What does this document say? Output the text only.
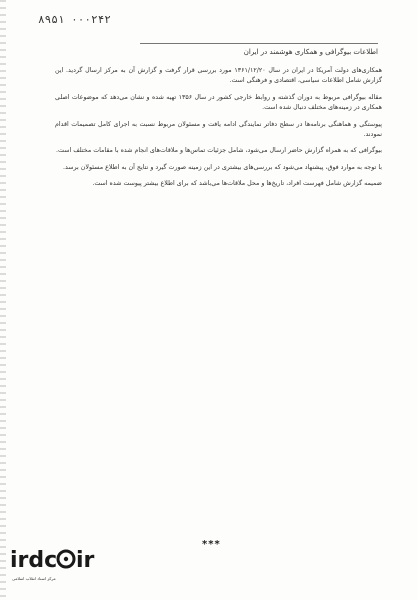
۸۹۵۱ ۰۰۰۲۴۲
اطلاعات بیوگرافی و همکاری هوشمند در ایران

همکاری‌های دولت آمریکا در ایران در سال ۱۳۶۱/۱۲/۲۰ مورد بررسی قرار گرفت و گزارش آن به مرکز ارسال گردید. این گزارش شامل اطلاعات سیاسی، اقتصادی و فرهنگی است.

مقاله بیوگرافی مربوط به دوران گذشته و روابط خارجی کشور در سال ۱۳۵۶ تهیه شده و نشان می‌دهد که موضوعات اصلی همکاری در زمینه‌های مختلف دنبال شده است.

پیوستگی و هماهنگی برنامه‌ها در سطح دفاتر نمایندگی ادامه یافت و مسئولان مربوط نسبت به اجرای کامل تصمیمات اقدام نمودند.

بیوگرافی که به همراه گزارش حاضر ارسال می‌شود، شامل جزئیات تماس‌ها و ملاقات‌های انجام شده با مقامات مختلف است.

با توجه به موارد فوق، پیشنهاد می‌شود که بررسی‌های بیشتری در این زمینه صورت گیرد و نتایج آن به اطلاع مسئولان برسد.

ضمیمه گزارش شامل فهرست افراد، تاریخ‌ها و محل ملاقات‌ها می‌باشد که برای اطلاع بیشتر پیوست شده است.

***
irdc ir
مرکز اسناد انقلاب اسلامی
